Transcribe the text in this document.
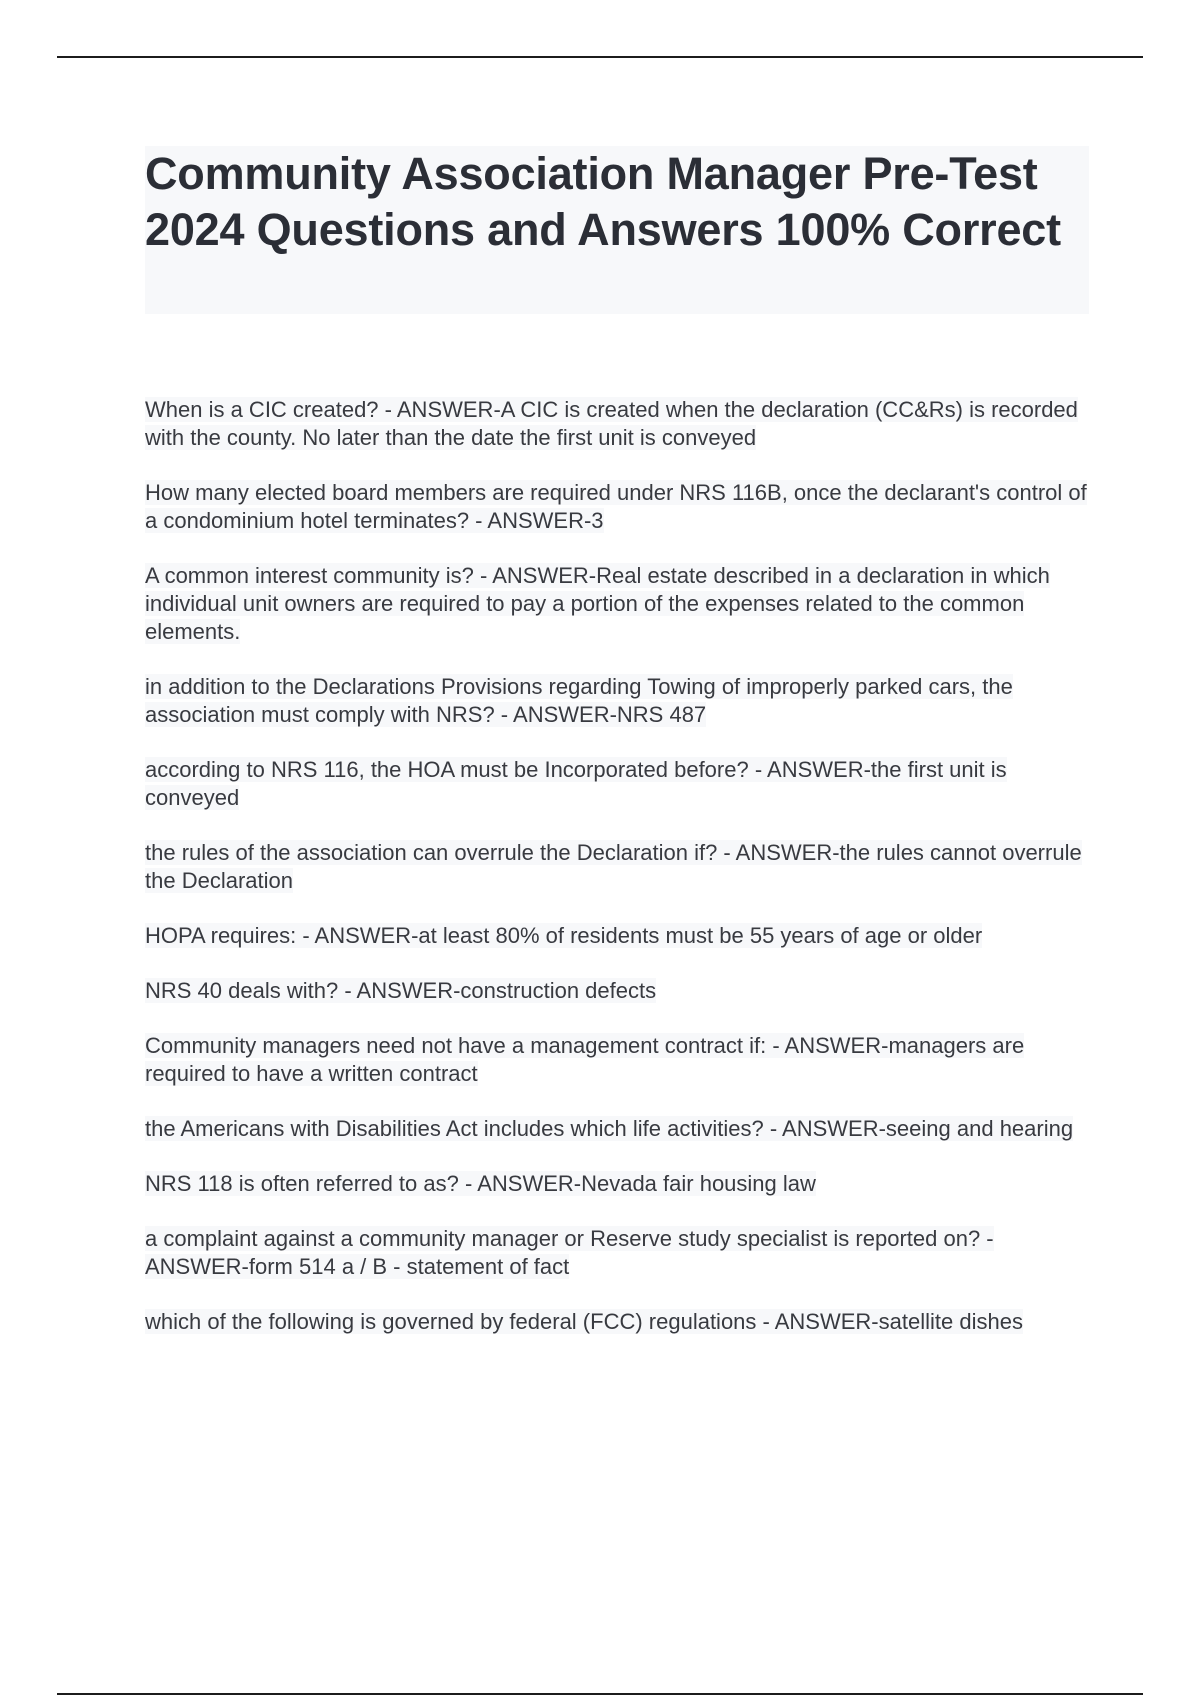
Community Association Manager Pre-Test 2024 Questions and Answers 100% Correct

When is a CIC created? - ANSWER-A CIC is created when the declaration (CC&Rs) is recorded with the county. No later than the date the first unit is conveyed

How many elected board members are required under NRS 116B, once the declarant's control of a condominium hotel terminates? - ANSWER-3

A common interest community is? - ANSWER-Real estate described in a declaration in which individual unit owners are required to pay a portion of the expenses related to the common elements.

in addition to the Declarations Provisions regarding Towing of improperly parked cars, the association must comply with NRS? - ANSWER-NRS 487

according to NRS 116, the HOA must be Incorporated before? - ANSWER-the first unit is conveyed

the rules of the association can overrule the Declaration if? - ANSWER-the rules cannot overrule the Declaration

HOPA requires: - ANSWER-at least 80% of residents must be 55 years of age or older

NRS 40 deals with? - ANSWER-construction defects

Community managers need not have a management contract if: - ANSWER-managers are required to have a written contract

the Americans with Disabilities Act includes which life activities? - ANSWER-seeing and hearing

NRS 118 is often referred to as? - ANSWER-Nevada fair housing law

a complaint against a community manager or Reserve study specialist is reported on? - ANSWER-form 514 a / B - statement of fact

which of the following is governed by federal (FCC) regulations - ANSWER-satellite dishes
